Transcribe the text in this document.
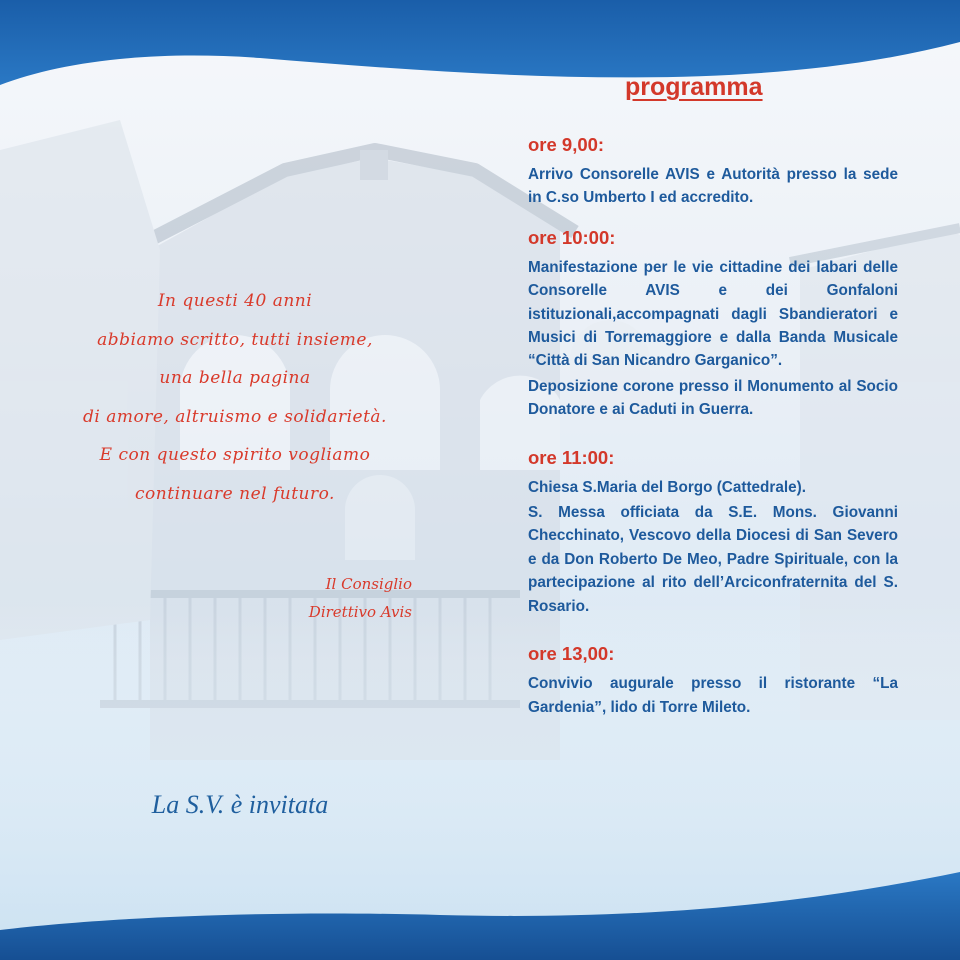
In questi 40 anni
abbiamo scritto, tutti insieme,
una bella pagina
di amore, altruismo e solidarietà.
E con questo spirito vogliamo
continuare nel futuro.
Il Consiglio
Direttivo Avis
La S.V. è invitata
programma
ore 9,00:

Arrivo Consorelle AVIS e Autorità presso la sede in C.so Umberto I ed accredito.

ore 10:00:

Manifestazione per le vie cittadine dei labari delle Consorelle AVIS e dei Gonfaloni istituzionali,accompagnati dagli Sbandieratori e Musici di Torremaggiore e dalla Banda Musicale “Città di San Nicandro Garganico”.

Deposizione corone presso il Monumento al Socio Donatore e ai Caduti in Guerra.

ore 11:00:

Chiesa S.Maria del Borgo (Cattedrale).

S. Messa officiata da S.E. Mons. Giovanni Checchinato, Vescovo della Diocesi di San Severo e da Don Roberto De Meo, Padre Spirituale, con la partecipazione al rito dell’Arciconfraternita del S. Rosario.

ore 13,00:

Convivio augurale presso il ristorante “La Gardenia”, lido di Torre Mileto.
